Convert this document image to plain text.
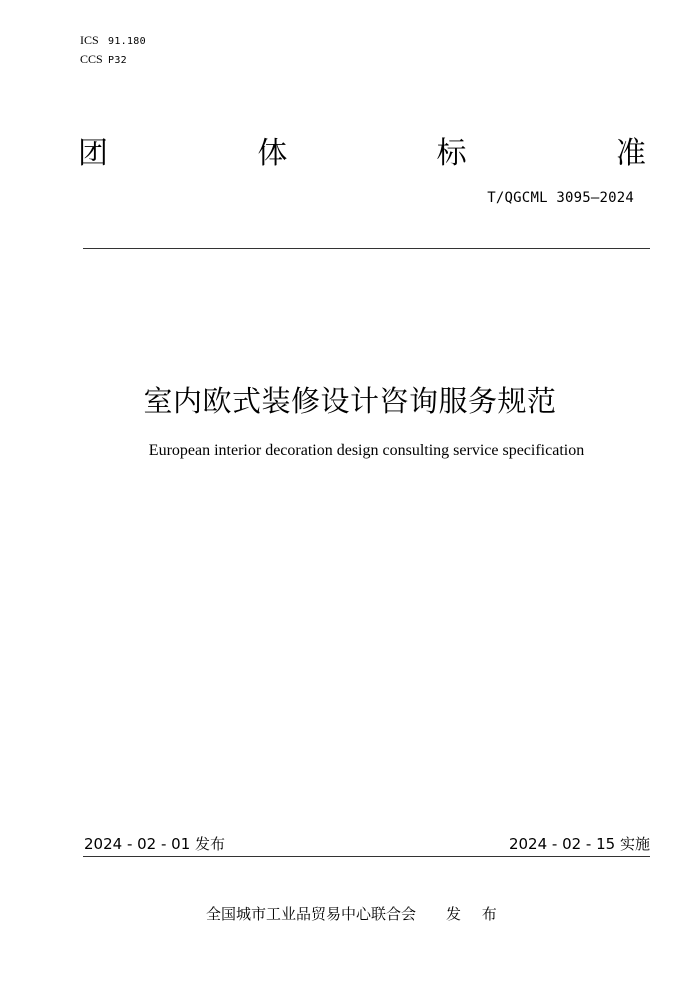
ICS 91.180
CCS P32
团	体	标	准
T/QGCML 3095—2024
室内欧式装修设计咨询服务规范
European interior decoration design consulting service specification
2024 - 02 - 01 发布	2024 - 02 - 15 实施
全国城市工业品贸易中心联合会 发 布
